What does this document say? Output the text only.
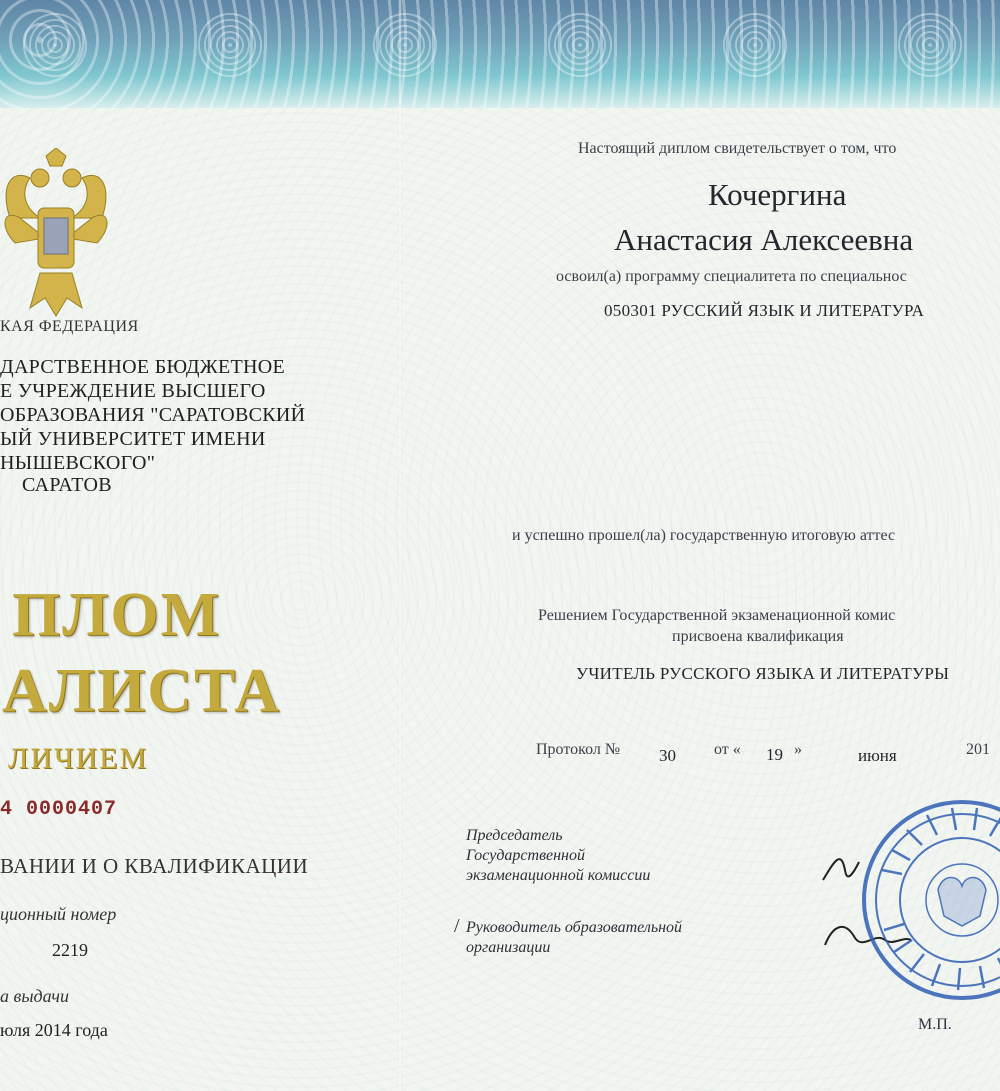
КАЯ ФЕДЕРАЦИЯ
ДАРСТВЕННОЕ БЮДЖЕТНОЕ
Е УЧРЕЖДЕНИЕ ВЫСШЕГО
ОБРАЗОВАНИЯ "САРАТОВСКИЙ
ЫЙ УНИВЕРСИТЕТ ИМЕНИ
НЫШЕВСКОГО"
САРАТОВ
ПЛОМ
АЛИСТА
ЛИЧИЕМ
4 0000407
ВАНИИ И О КВАЛИФИКАЦИИ
ционный номер
2219
а выдачи
юля 2014 года
Настоящий диплом свидетельствует о том, что
Кочергина
Анастасия Алексеевна
освоил(а) программу специалитета по специальнос
050301 РУССКИЙ ЯЗЫК И ЛИТЕРАТУРА
и успешно прошел(ла) государственную итоговую аттес
Решением Государственной экзаменационной комис
присвоена квалификация
УЧИТЕЛЬ РУССКОГО ЯЗЫКА И ЛИТЕРАТУРЫ
Протокол № 30 от « 19 »	июня	201
Председатель
Государственной
экзаменационной комиссии
/ Руководитель образовательной
организации
М.П.
